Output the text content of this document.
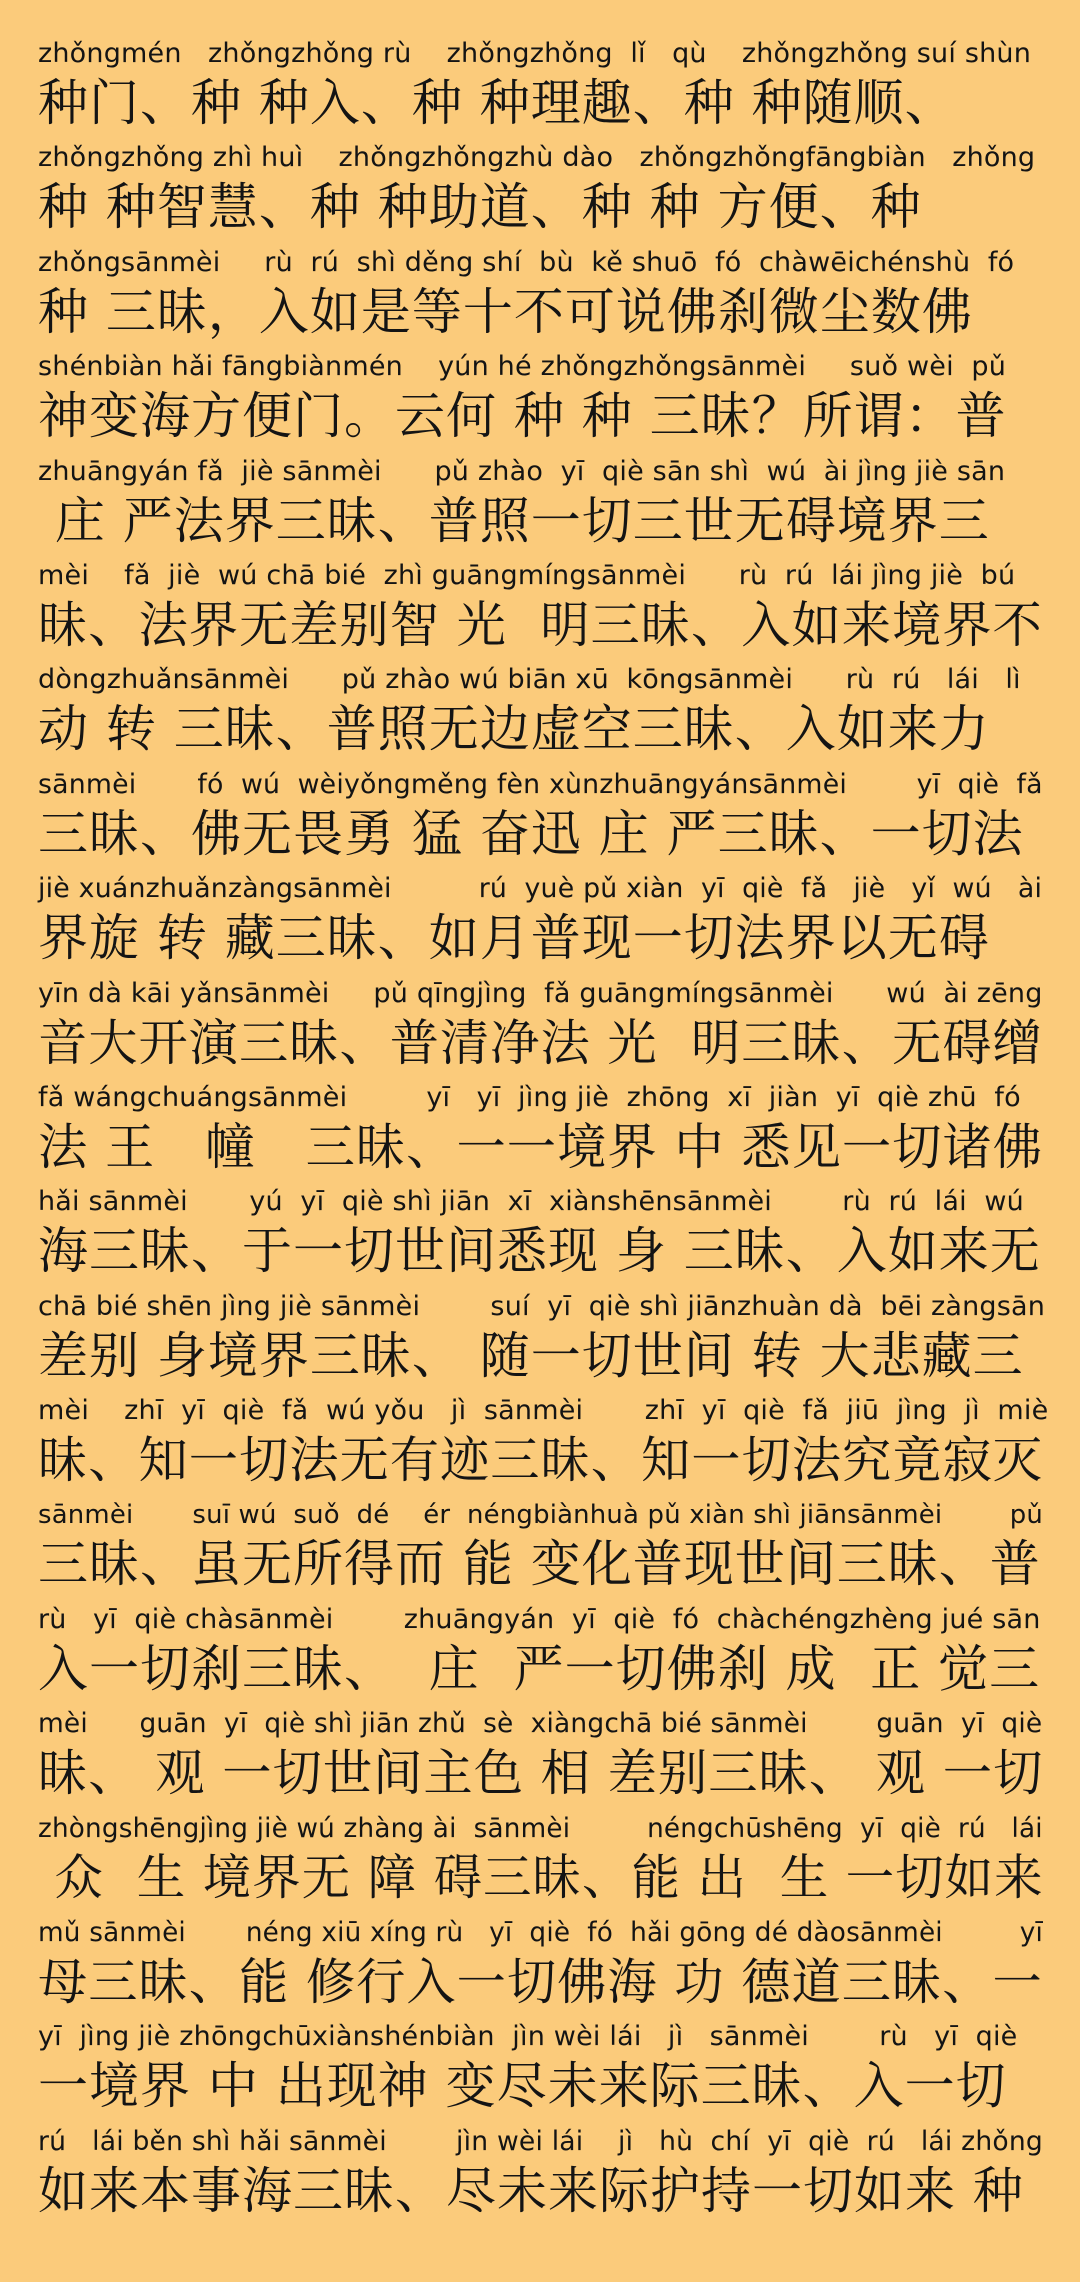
zhǒngmén   zhǒngzhǒng rù    zhǒngzhǒng  lǐ   qù    zhǒngzhǒng suí shùn
种门、种 种入、种 种理趣、种 种随顺、
zhǒngzhǒng zhì huì    zhǒngzhǒngzhù dào   zhǒngzhǒngfāngbiàn   zhǒng
种 种智慧、种 种助道、种 种 方便、种
zhǒngsānmèi     rù  rú  shì děng shí  bù  kě shuō  fó  chàwēichénshù  fó
种 三昧，入如是等十不可说佛刹微尘数佛
shénbiàn hǎi fāngbiànmén    yún hé zhǒngzhǒngsānmèi     suǒ wèi  pǔ
神变海方便门。云何 种 种 三昧？所谓：普
zhuāngyán fǎ  jiè sānmèi      pǔ zhào  yī  qiè sān shì  wú  ài jìng jiè sān
庄 严法界三昧、普照一切三世无碍境界三
mèi    fǎ  jiè  wú chā bié  zhì guāngmíngsānmèi      rù  rú  lái jìng jiè  bú
昧、法界无差别智 光  明三昧、入如来境界不
dòngzhuǎnsānmèi      pǔ zhào wú biān xū  kōngsānmèi      rù  rú   lái   lì
动 转 三昧、普照无边虚空三昧、入如来力
sānmèi       fó  wú  wèiyǒngměng fèn xùnzhuāngyánsānmèi        yī  qiè  fǎ
三昧、佛无畏勇 猛 奋迅 庄 严三昧、一切法
jiè xuánzhuǎnzàngsānmèi          rú  yuè pǔ xiàn  yī  qiè  fǎ   jiè   yǐ  wú   ài
界旋 转 藏三昧、如月普现一切法界以无碍
yīn dà kāi yǎnsānmèi     pǔ qīngjìng  fǎ guāngmíngsānmèi      wú  ài zēng
音大开演三昧、普清净法 光  明三昧、无碍缯
fǎ wángchuángsānmèi         yī   yī  jìng jiè  zhōng  xī  jiàn  yī  qiè zhū  fó
法 王   幢   三昧、一一境界 中 悉见一切诸佛
hǎi sānmèi       yú  yī  qiè shì jiān  xī  xiànshēnsānmèi        rù  rú  lái  wú
海三昧、于一切世间悉现 身 三昧、入如来无
chā bié shēn jìng jiè sānmèi        suí  yī  qiè shì jiānzhuàn dà  bēi zàngsān
差别 身境界三昧、 随一切世间 转 大悲藏三
mèi    zhī  yī  qiè  fǎ  wú yǒu   jì  sānmèi       zhī  yī  qiè  fǎ  jiū  jìng  jì  miè
昧、知一切法无有迹三昧、知一切法究竟寂灭
sānmèi       suī wú  suǒ  dé    ér  néngbiànhuà pǔ xiàn shì jiānsānmèi        pǔ
三昧、虽无所得而 能 变化普现世间三昧、普
rù   yī  qiè chàsānmèi        zhuāngyán  yī  qiè  fó  chàchéngzhèng jué sān
入一切刹三昧、  庄  严一切佛刹 成  正 觉三
mèi      guān  yī  qiè shì jiān zhǔ  sè  xiàngchā bié sānmèi        guān  yī  qiè
昧、 观 一切世间主色 相 差别三昧、 观 一切
zhòngshēngjìng jiè wú zhàng ài  sānmèi         néngchūshēng  yī  qiè  rú   lái
众  生 境界无 障 碍三昧、能 出  生 一切如来
mǔ sānmèi       néng xiū xíng rù   yī  qiè  fó  hǎi gōng dé dàosānmèi         yī
母三昧、能 修行入一切佛海 功 德道三昧、一
yī  jìng jiè zhōngchūxiànshénbiàn  jìn wèi lái   jì   sānmèi        rù   yī  qiè
一境界 中 出现神 变尽未来际三昧、入一切
rú   lái běn shì hǎi sānmèi        jìn wèi lái    jì   hù  chí  yī  qiè  rú   lái zhǒng
如来本事海三昧、尽未来际护持一切如来 种
